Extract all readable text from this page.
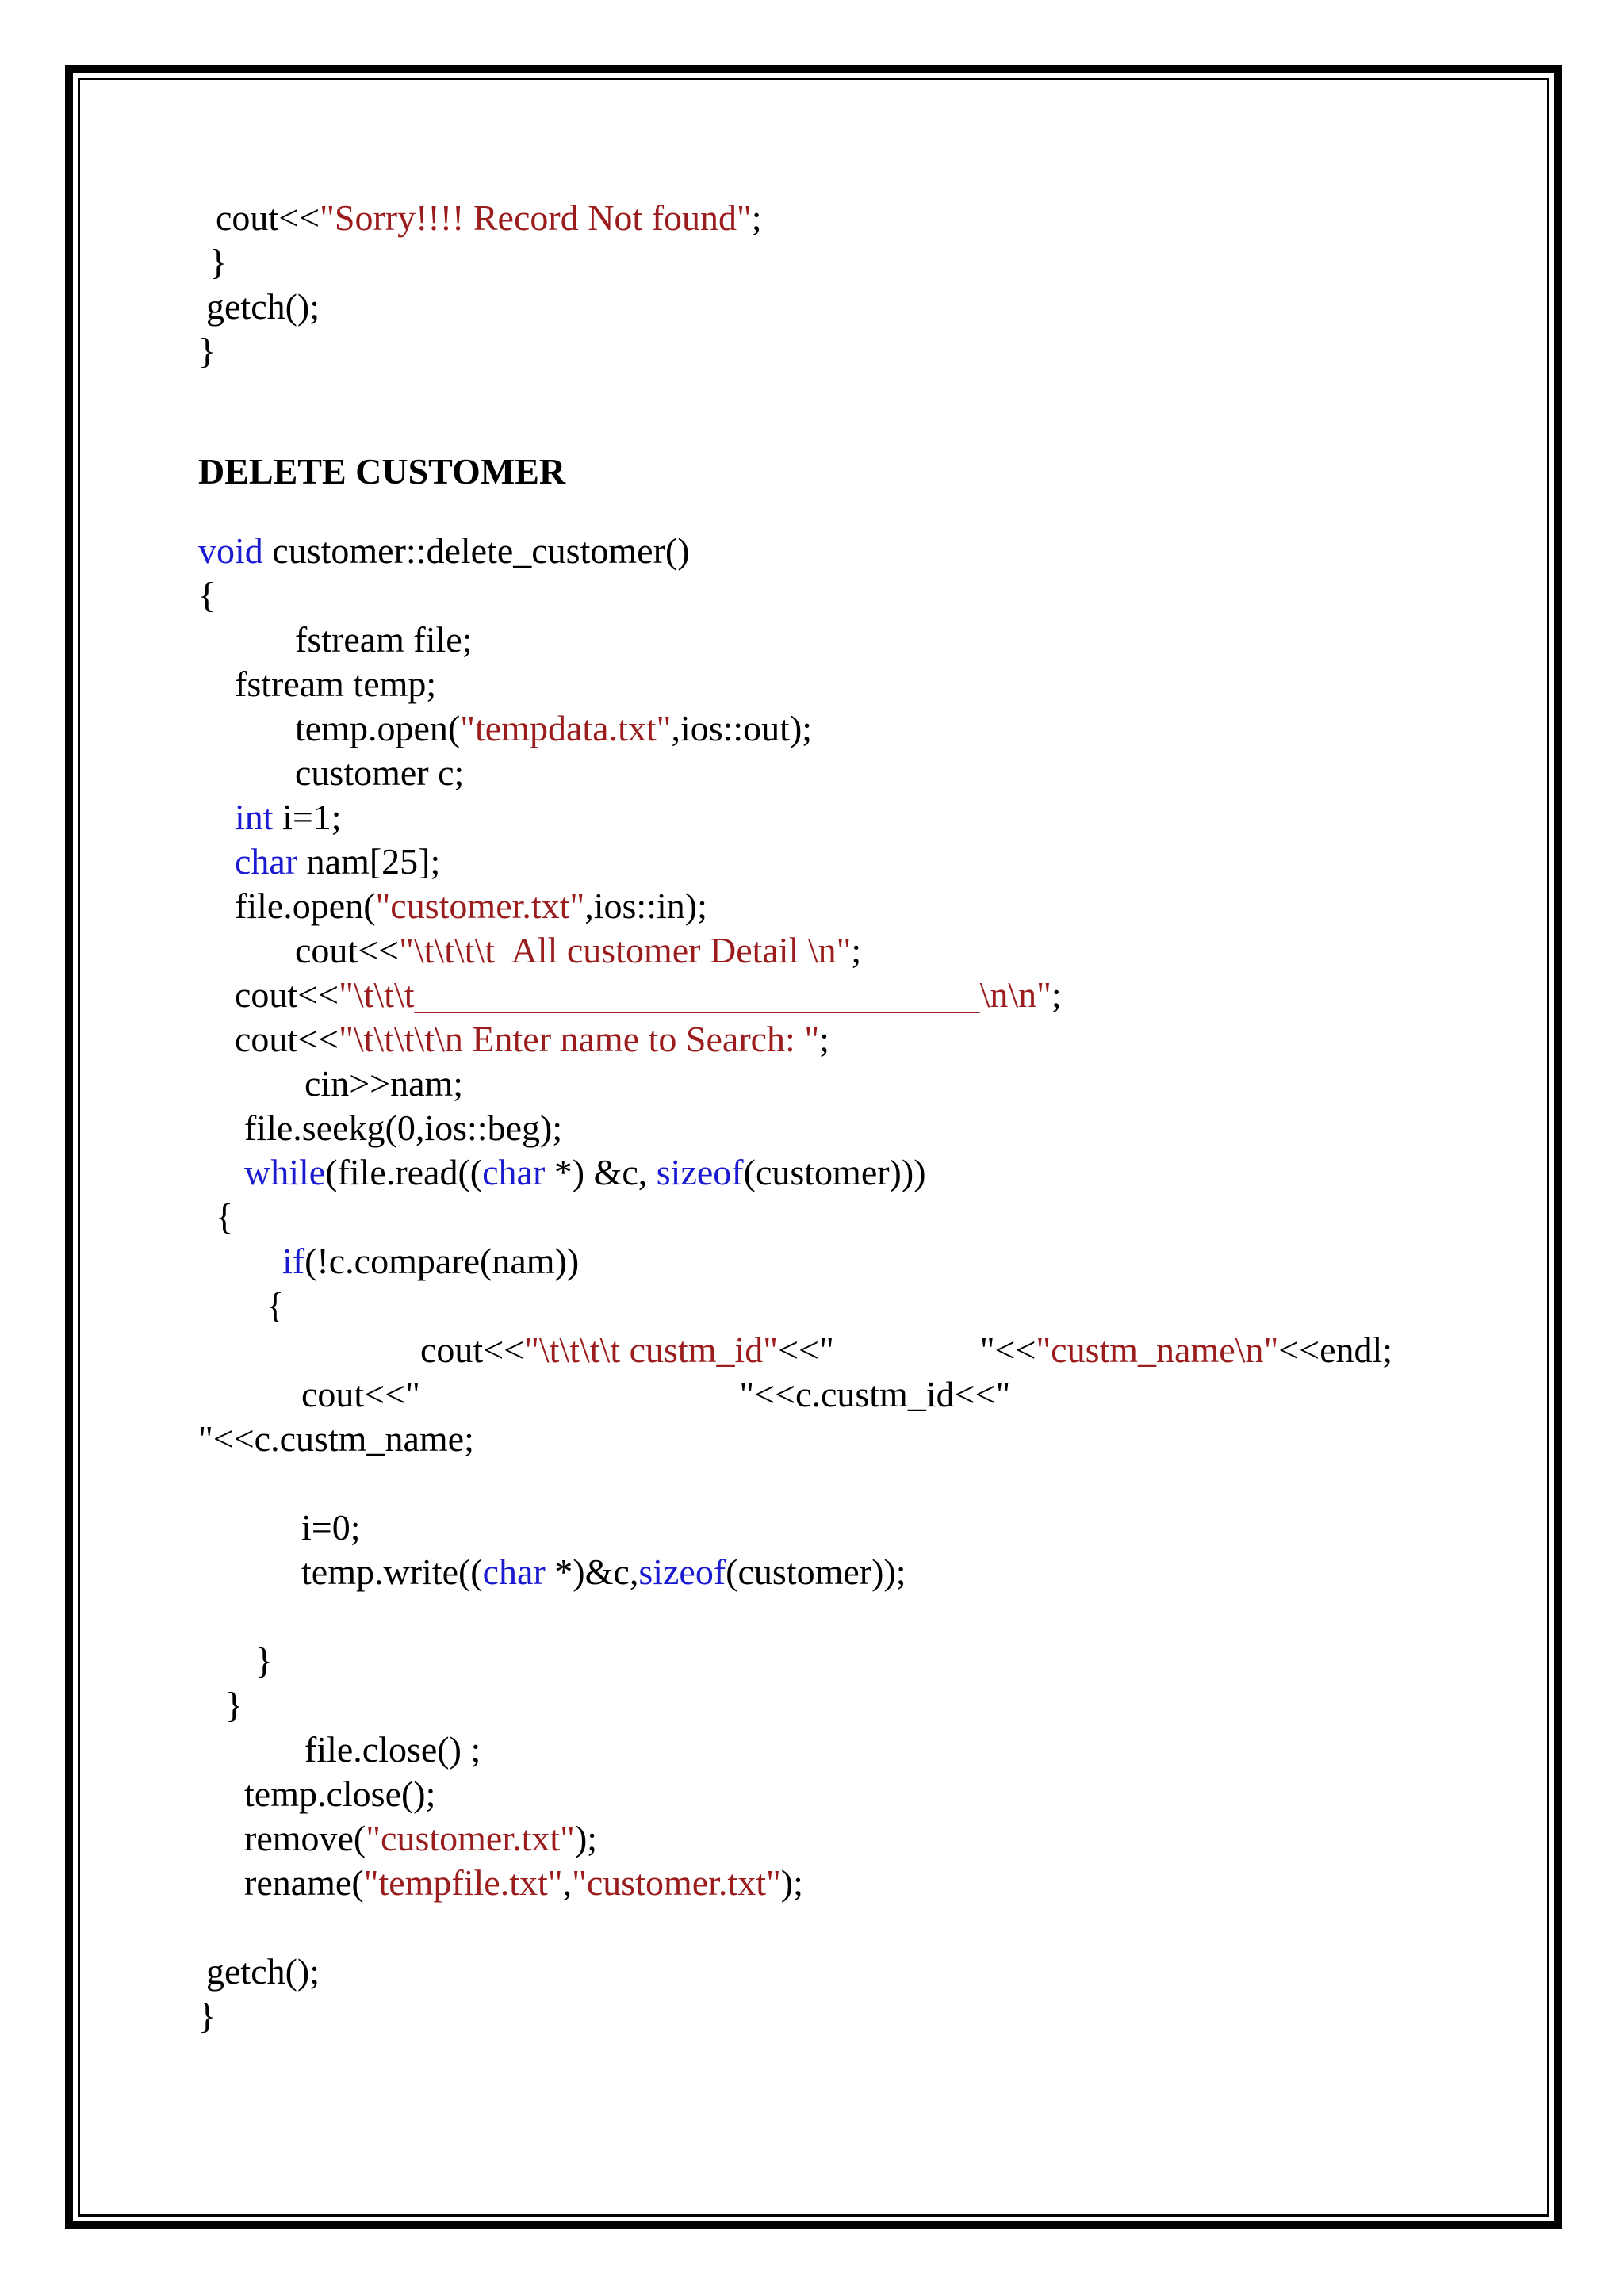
cout<<"Sorry!!!! Record Not found";
}
getch();
}
DELETE CUSTOMER
void customer::delete_customer()
{
fstream file;
fstream temp;
temp.open("tempdata.txt",ios::out);
customer c;
int i=1;
char nam[25];
file.open("customer.txt",ios::in);
cout<<"\t\t\t\t  All customer Detail \n";
cout<<"\t\t\t	\n\n";
cout<<"\t\t\t\t\n Enter name to Search: ";
cin>>nam;
file.seekg(0,ios::beg);
while(file.read((char *) &c, sizeof(customer)))
{
if(!c.compare(nam))
{
cout<<"\t\t\t\t custm_id"<<"                "<<"custm_name\n"<<endl;
cout<<"                                   "<<c.custm_id<<"
"<<c.custm_name;
i=0;
temp.write((char *)&c,sizeof(customer));
}
}
file.close() ;
temp.close();
remove("customer.txt");
rename("tempfile.txt","customer.txt");
getch();
}
